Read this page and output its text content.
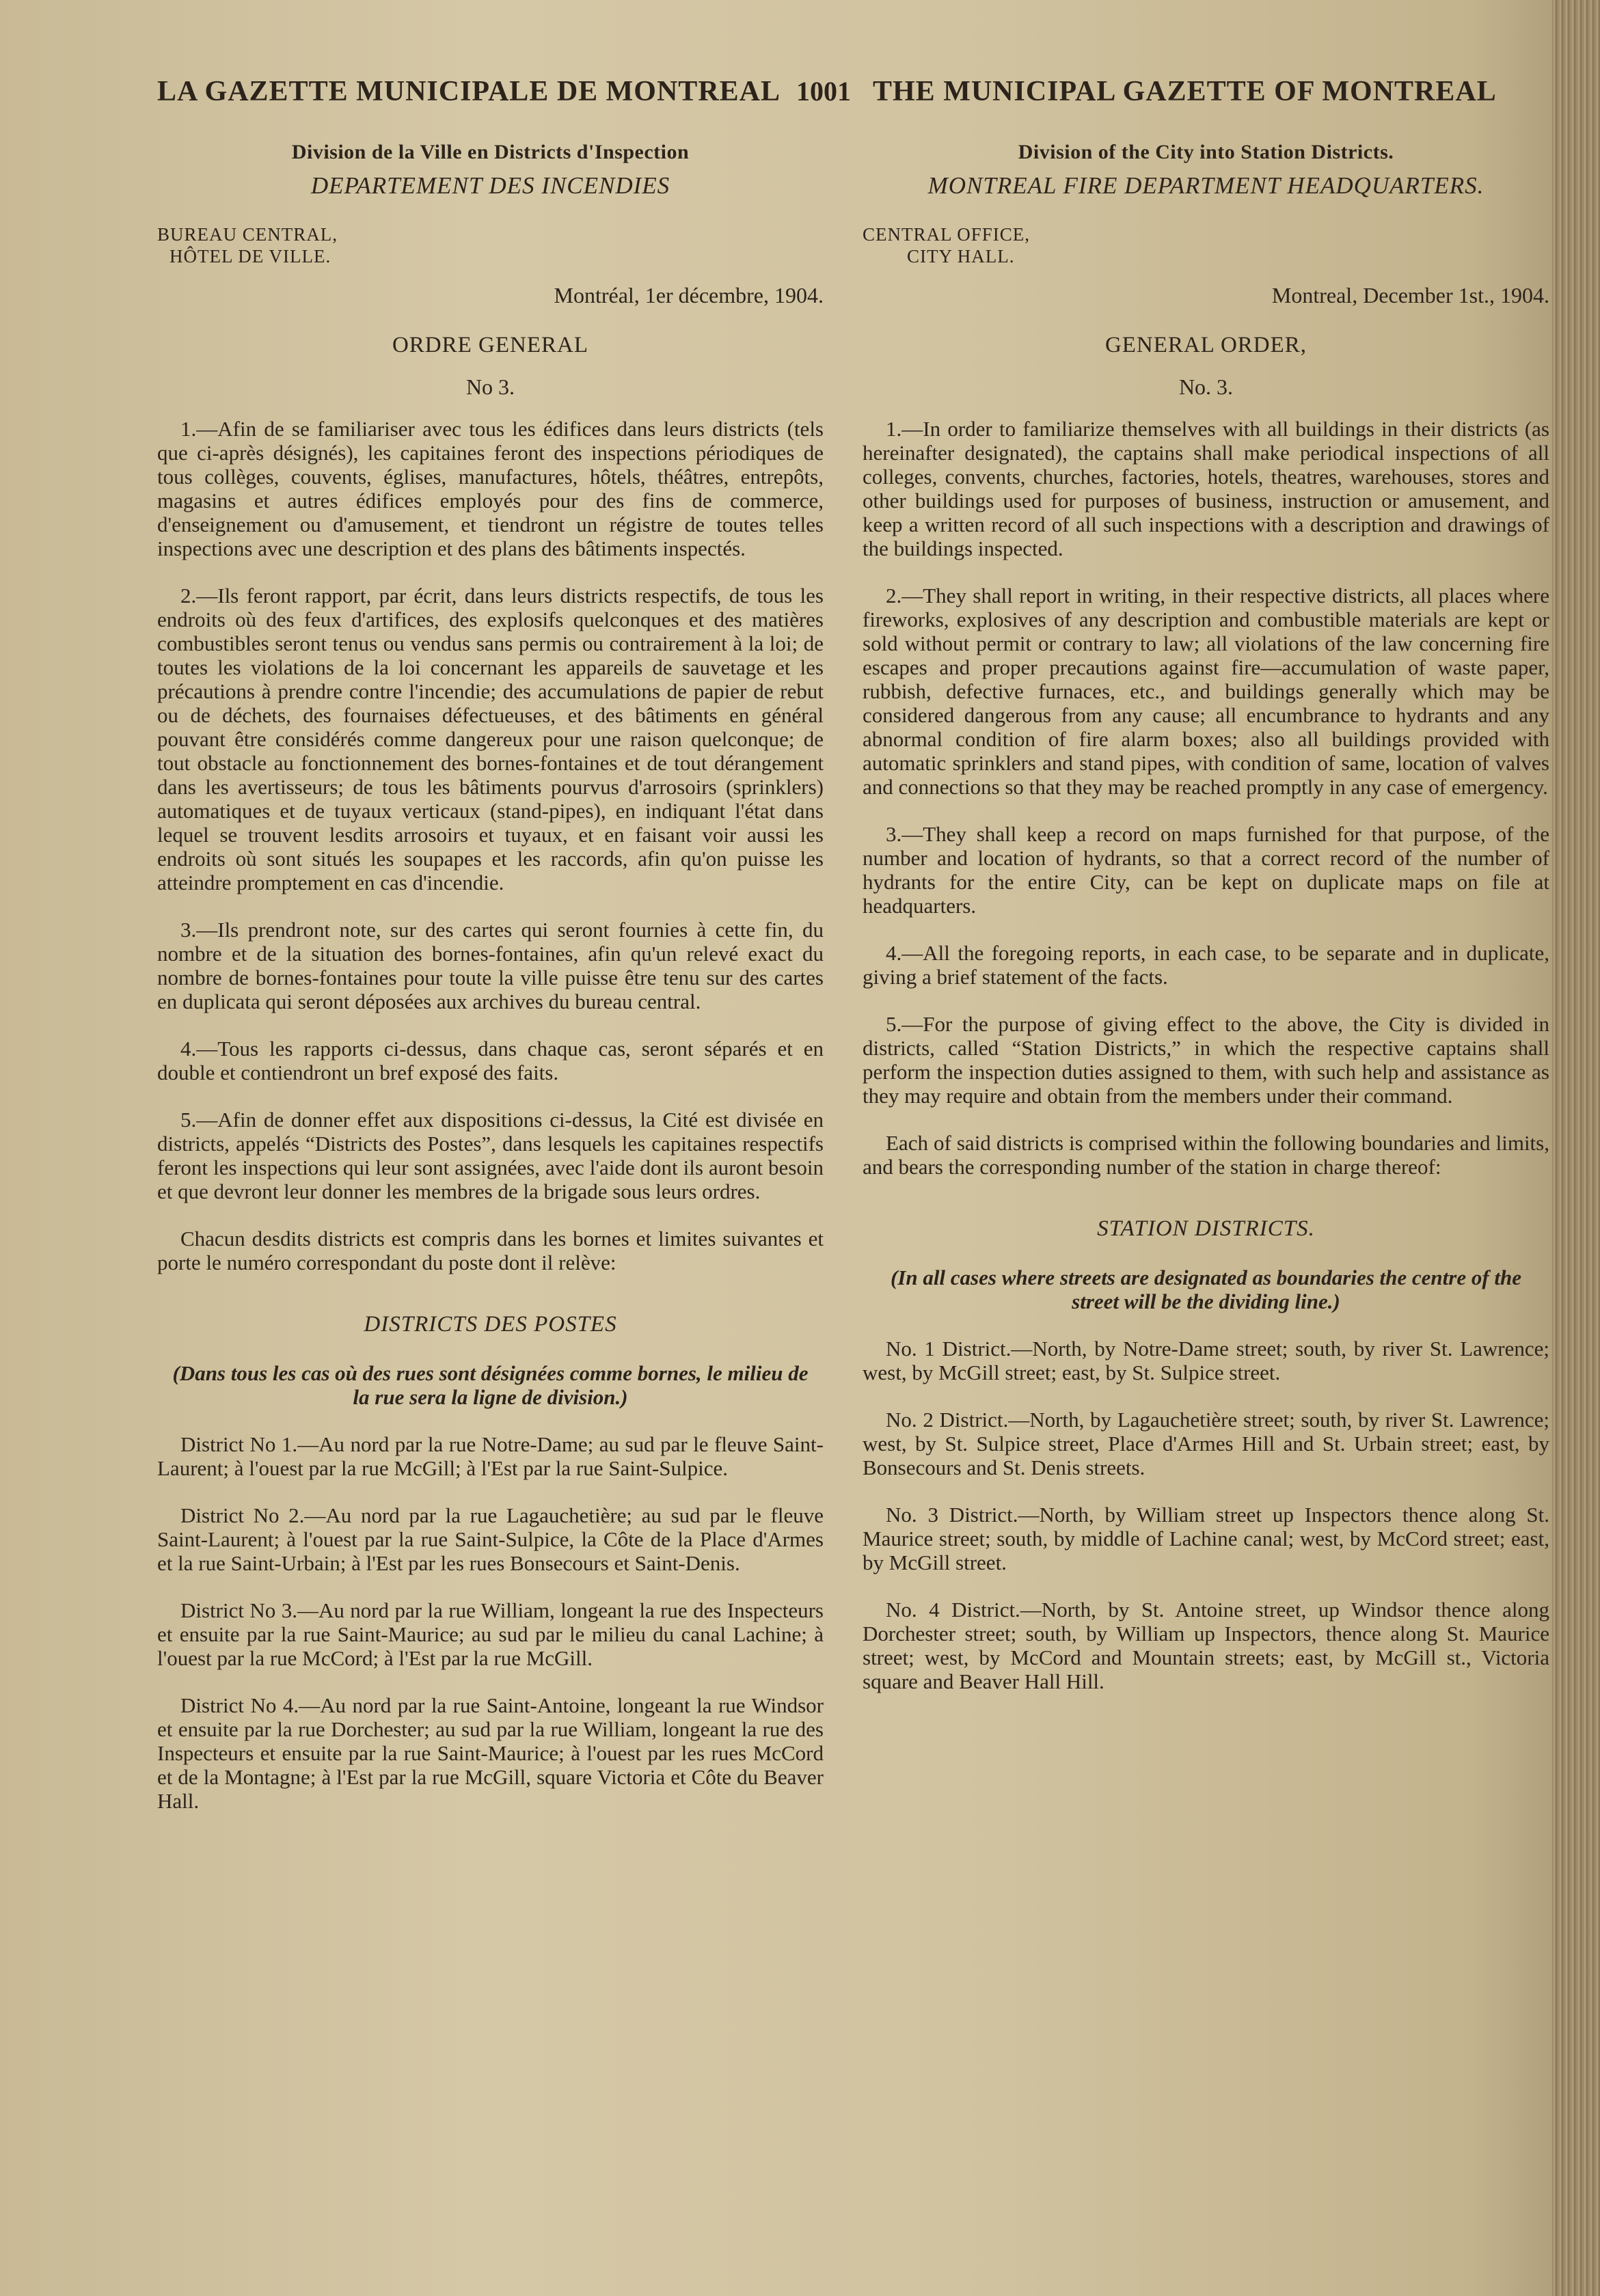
LA GAZETTE MUNICIPALE DE MONTREAL 1001 THE MUNICIPAL GAZETTE OF MONTREAL
Division de la Ville en Districts d'Inspection
DEPARTEMENT DES INCENDIES
BUREAU CENTRAL,
HÔTEL DE VILLE.
Montréal, 1er décembre, 1904.
ORDRE GENERAL
No 3.

1.—Afin de se familiariser avec tous les édifices dans leurs districts (tels que ci-après désignés), les capitaines feront des inspections périodiques de tous collèges, couvents, églises, manufactures, hôtels, théâtres, entrepôts, magasins et autres édifices employés pour des fins de commerce, d'enseignement ou d'amusement, et tiendront un régistre de toutes telles inspections avec une description et des plans des bâtiments inspectés.

2.—Ils feront rapport, par écrit, dans leurs districts respectifs, de tous les endroits où des feux d'artifices, des explosifs quelconques et des matières combustibles seront tenus ou vendus sans permis ou contrairement à la loi; de toutes les violations de la loi concernant les appareils de sauvetage et les précautions à prendre contre l'incendie; des accumulations de papier de rebut ou de déchets, des fournaises défectueuses, et des bâtiments en général pouvant être considérés comme dangereux pour une raison quelconque; de tout obstacle au fonctionnement des bornes-fontaines et de tout dérangement dans les avertisseurs; de tous les bâtiments pourvus d'arrosoirs (sprinklers) automatiques et de tuyaux verticaux (stand-pipes), en indiquant l'état dans lequel se trouvent lesdits arrosoirs et tuyaux, et en faisant voir aussi les endroits où sont situés les soupapes et les raccords, afin qu'on puisse les atteindre promptement en cas d'incendie.

3.—Ils prendront note, sur des cartes qui seront fournies à cette fin, du nombre et de la situation des bornes-fontaines, afin qu'un relevé exact du nombre de bornes-fontaines pour toute la ville puisse être tenu sur des cartes en duplicata qui seront déposées aux archives du bureau central.

4.—Tous les rapports ci-dessus, dans chaque cas, seront séparés et en double et contiendront un bref exposé des faits.

5.—Afin de donner effet aux dispositions ci-dessus, la Cité est divisée en districts, appelés “Districts des Postes”, dans lesquels les capitaines respectifs feront les inspections qui leur sont assignées, avec l'aide dont ils auront besoin et que devront leur donner les membres de la brigade sous leurs ordres.

Chacun desdits districts est compris dans les bornes et limites suivantes et porte le numéro correspondant du poste dont il relève:

DISTRICTS DES POSTES
(Dans tous les cas où des rues sont désignées comme bornes, le milieu de la rue sera la ligne de division.)

District No 1.—Au nord par la rue Notre-Dame; au sud par le fleuve Saint-Laurent; à l'ouest par la rue McGill; à l'Est par la rue Saint-Sulpice.

District No 2.—Au nord par la rue Lagauchetière; au sud par le fleuve Saint-Laurent; à l'ouest par la rue Saint-Sulpice, la Côte de la Place d'Armes et la rue Saint-Urbain; à l'Est par les rues Bonsecours et Saint-Denis.

District No 3.—Au nord par la rue William, longeant la rue des Inspecteurs et ensuite par la rue Saint-Maurice; au sud par le milieu du canal Lachine; à l'ouest par la rue McCord; à l'Est par la rue McGill.

District No 4.—Au nord par la rue Saint-Antoine, longeant la rue Windsor et ensuite par la rue Dorchester; au sud par la rue William, longeant la rue des Inspecteurs et ensuite par la rue Saint-Maurice; à l'ouest par les rues McCord et de la Montagne; à l'Est par la rue McGill, square Victoria et Côte du Beaver Hall.

Division of the City into Station Districts.
MONTREAL FIRE DEPARTMENT HEADQUARTERS.
CENTRAL OFFICE,
CITY HALL.
Montreal, December 1st., 1904.
GENERAL ORDER,
No. 3.

1.—In order to familiarize themselves with all buildings in their districts (as hereinafter designated), the captains shall make periodical inspections of all colleges, convents, churches, factories, hotels, theatres, warehouses, stores and other buildings used for purposes of business, instruction or amusement, and keep a written record of all such inspections with a description and drawings of the buildings inspected.

2.—They shall report in writing, in their respective districts, all places where fireworks, explosives of any description and combustible materials are kept or sold without permit or contrary to law; all violations of the law concerning fire escapes and proper precautions against fire—accumulation of waste paper, rubbish, defective furnaces, etc., and buildings generally which may be considered dangerous from any cause; all encumbrance to hydrants and any abnormal condition of fire alarm boxes; also all buildings provided with automatic sprinklers and stand pipes, with condition of same, location of valves and connections so that they may be reached promptly in any case of emergency.

3.—They shall keep a record on maps furnished for that purpose, of the number and location of hydrants, so that a correct record of the number of hydrants for the entire City, can be kept on duplicate maps on file at headquarters.

4.—All the foregoing reports, in each case, to be separate and in duplicate, giving a brief statement of the facts.

5.—For the purpose of giving effect to the above, the City is divided in districts, called “Station Districts,” in which the respective captains shall perform the inspection duties assigned to them, with such help and assistance as they may require and obtain from the members under their command.

Each of said districts is comprised within the following boundaries and limits, and bears the corresponding number of the station in charge thereof:

STATION DISTRICTS.
(In all cases where streets are designated as boundaries the centre of the street will be the dividing line.)

No. 1 District.—North, by Notre-Dame street; south, by river St. Lawrence; west, by McGill street; east, by St. Sulpice street.

No. 2 District.—North, by Lagauchetière street; south, by river St. Lawrence; west, by St. Sulpice street, Place d'Armes Hill and St. Urbain street; east, by Bonsecours and St. Denis streets.

No. 3 District.—North, by William street up Inspectors thence along St. Maurice street; south, by middle of Lachine canal; west, by McCord street; east, by McGill street.

No. 4 District.—North, by St. Antoine street, up Windsor thence along Dorchester street; south, by William up Inspectors, thence along St. Maurice street; west, by McCord and Mountain streets; east, by McGill st., Victoria square and Beaver Hall Hill.
